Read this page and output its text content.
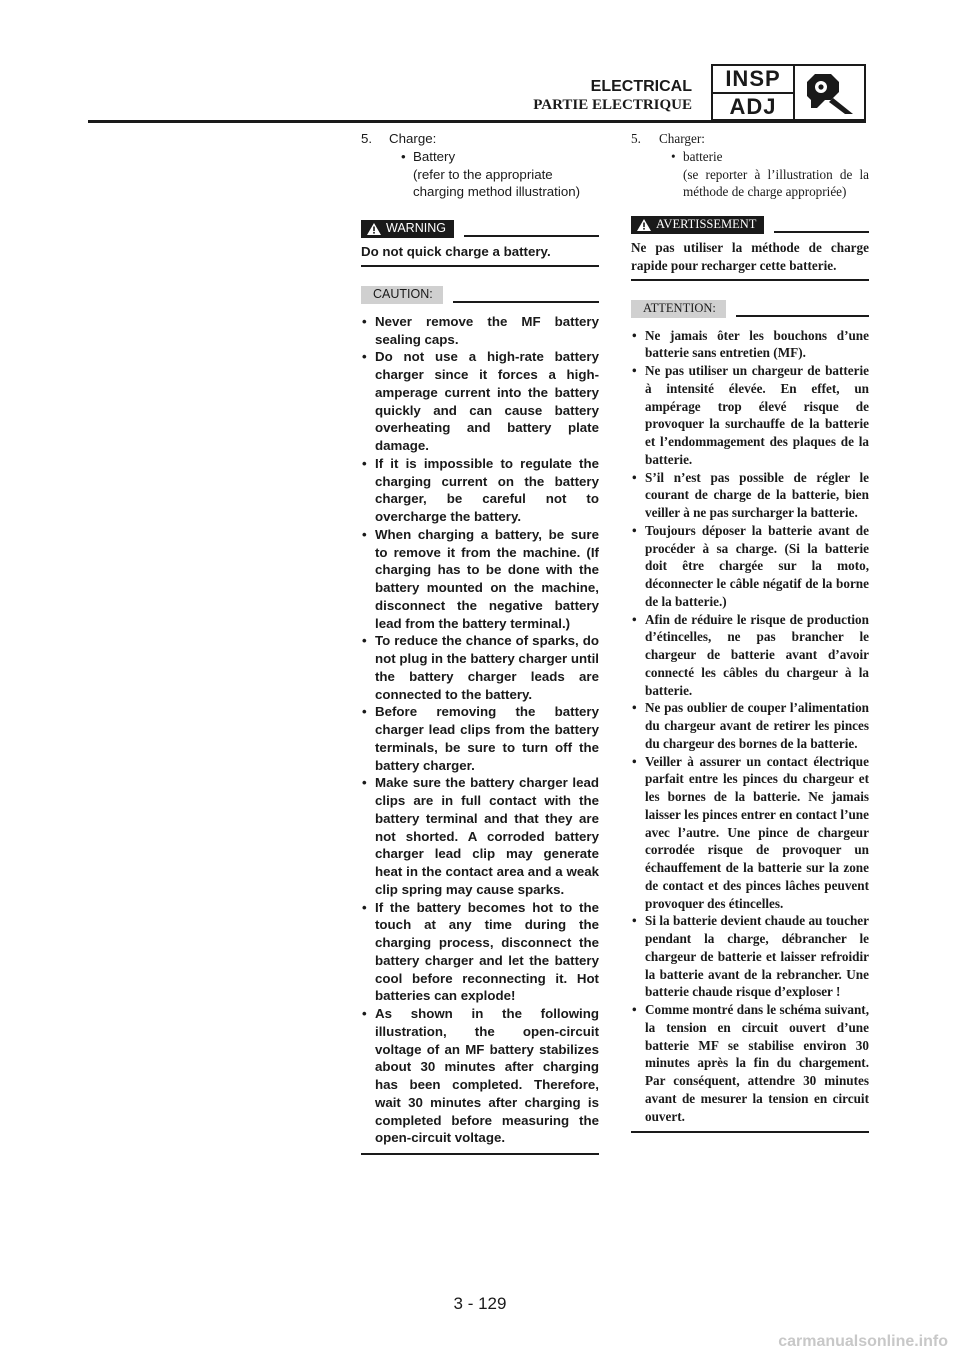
ELECTRICAL
PARTIE ELECTRIQUE
INSP
ADJ
5. Charge:
• Battery
(refer to the appropriate charging method illustration)
WARNING
Do not quick charge a battery.
CAUTION:
• Never remove the MF battery sealing caps.
• Do not use a high-rate battery charger since it forces a high-amperage current into the battery quickly and can cause battery overheating and battery plate damage.
• If it is impossible to regulate the charging current on the battery charger, be careful not to overcharge the battery.
• When charging a battery, be sure to remove it from the machine. (If charging has to be done with the battery mounted on the machine, disconnect the negative battery lead from the battery terminal.)
• To reduce the chance of sparks, do not plug in the battery charger until the battery charger leads are connected to the battery.
• Before removing the battery charger lead clips from the battery terminals, be sure to turn off the battery charger.
• Make sure the battery charger lead clips are in full contact with the battery terminal and that they are not shorted. A corroded battery charger lead clip may generate heat in the contact area and a weak clip spring may cause sparks.
• If the battery becomes hot to the touch at any time during the charging process, disconnect the battery charger and let the battery cool before reconnecting it. Hot batteries can explode!
• As shown in the following illustration, the open-circuit voltage of an MF battery stabilizes about 30 minutes after charging has been completed. Therefore, wait 30 minutes after charging is completed before measuring the open-circuit voltage.
5. Charger:
• batterie
(se reporter à l’illustration de la méthode de charge appropriée)
AVERTISSEMENT
Ne pas utiliser la méthode de charge rapide pour recharger cette batterie.
ATTENTION:
• Ne jamais ôter les bouchons d’une batterie sans entretien (MF).
• Ne pas utiliser un chargeur de batterie à intensité élevée. En effet, un ampérage trop élevé risque de provoquer la surchauffe de la batterie et l’endommagement des plaques de la batterie.
• S’il n’est pas possible de régler le courant de charge de la batterie, bien veiller à ne pas surcharger la batterie.
• Toujours déposer la batterie avant de procéder à sa charge. (Si la batterie doit être chargée sur la moto, déconnecter le câble négatif de la borne de la batterie.)
• Afin de réduire le risque de production d’étincelles, ne pas brancher le chargeur de batterie avant d’avoir connecté les câbles du chargeur à la batterie.
• Ne pas oublier de couper l’alimentation du chargeur avant de retirer les pinces du chargeur des bornes de la batterie.
• Veiller à assurer un contact électrique parfait entre les pinces du chargeur et les bornes de la batterie. Ne jamais laisser les pinces entrer en contact l’une avec l’autre. Une pince de chargeur corrodée risque de provoquer un échauffement de la batterie sur la zone de contact et des pinces lâches peuvent provoquer des étincelles.
• Si la batterie devient chaude au toucher pendant la charge, débrancher le chargeur de batterie et laisser refroidir la batterie avant de la rebrancher. Une batterie chaude risque d’exploser !
• Comme montré dans le schéma suivant, la tension en circuit ouvert d’une batterie MF se stabilise environ 30 minutes après la fin du chargement. Par conséquent, attendre 30 minutes avant de mesurer la tension en circuit ouvert.
3 - 129
carmanualsonline.info
